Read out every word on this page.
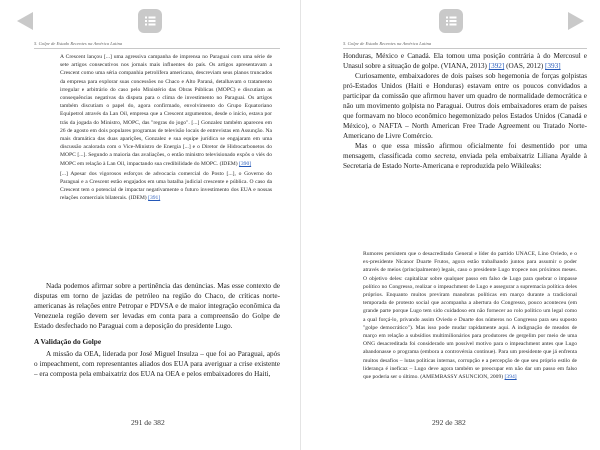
5. Golpe de Estado Recentes na América Latina
A Crescent lançou [...] uma agressiva campanha de imprensa no Paraguai com uma série de sete artigos consecutivos nos jornais mais influentes do país. Os artigos apresentavam a Crescent como uma séria companhia petrolífera americana, descreviam seus planos truncados da empresa para explorar suas concessões no Chaco e Alto Paraná, detalhavam o tratamento irregular e arbitrário do caso pelo Ministério das Obras Públicas (MOPC) e discutiam as consequências negativas da disputa para o clima de investimento no Paraguai. Os artigos também discutiam o papel do, agora confirmado, envolvimento do Grupo Equatoriano Equipetrol através da Lan Oil, empresa que a Crescent argumentou, desde o início, estava por trás da jogada do Ministro, MOPC, das "regras do jogo". [...] Gonzalez também apareceu em 26 de agosto em dois populares programas de televisão locais de entrevistas em Assunção. Na mais dramática das duas aparições, Gonzalez e sua equipe jurídica se engajaram em uma discussão acalorada com o Vice-Ministro de Energia [...] e o Diretor de Hidrocarbonetos do MOPC [...]. Segundo a maioria das avaliações, o então ministro televisionado expôs o viés do MOPC em relação à Lan Oil, impactando sua credibilidade do MOPC. (IDEM) [390]
[...] Apesar dos vigorosos esforços de advocacia comercial do Posto [...], o Governo do Paraguai e a Crescent estão engajados em uma batalha judicial crescente e pública. O caso da Crescent tem o potencial de impactar negativamente o futuro investimento dos EUA e nossas relações comerciais bilaterais. (IDEM) [391]

Nada podemos afirmar sobre a pertinência das denúncias. Mas esse contexto de disputas em torno de jazidas de petróleo na região do Chaco, de críticas norte-americanas às relações entre Petropar e PDVSA e de maior integração econômica da Venezuela região devem ser levadas em conta para a compreensão do Golpe de Estado desfechado no Paraguai com a deposição do presidente Lugo.

A Validação do Golpe

A missão da OEA, liderada por José Miguel Insulza – que foi ao Paraguai, após o impeachment, com representantes aliados dos EUA para averiguar a crise existente – era composta pela embaixatriz dos EUA na OEA e pelos embaixadores do Haiti,

291 de 382
5. Golpe de Estado Recentes na América Latina

Honduras, México e Canadá. Ela tomou uma posição contrária à do Mercosul e Unasul sobre a situação de golpe. (VIANA, 2013) [392] (OAS, 2012) [393]

Curiosamente, embaixadores de dois países sob hegemonia de forças golpistas pró-Estados Unidos (Haiti e Honduras) estavam entre os poucos convidados a participar da comissão que afirmou haver um quadro de normalidade democrática e não um movimento golpista no Paraguai. Outros dois embaixadores eram de países que formavam no bloco econômico hegemonizado pelos Estados Unidos (Canadá e México), o NAFTA – North American Free Trade Agreement ou Tratado Norte-Americano de Livre Comércio.

Mas o que essa missão afirmou oficialmente foi desmentido por uma mensagem, classificada como secreta, enviada pela embaixatriz Liliana Ayalde à Secretaria de Estado Norte-Americana e reproduzida pelo Wikileaks:

Rumores persistem que o desacreditado General e líder do partido UNACE, Lino Oviedo, e o ex-presidente Nicanor Duarte Frutos, agora estão trabalhando juntos para assumir o poder através de meios (principalmente) legais, caso o presidente Lugo tropece nos próximos meses. O objetivo deles: capitalizar sobre qualquer passo em falso de Lugo para quebrar o impasse político no Congresso, realizar o impeachment de Lugo e assegurar a supremacia política deles próprios. Enquanto muitos previram manobras políticas em março durante a tradicional temporada de protesto social que acompanha a abertura do Congresso, pouco aconteceu (em grande parte porque Lugo tem sido cuidadoso em não fornecer ao rolo político um legal como a qual forçá-lo, privando assim Oviedo e Duarte dos números no Congresso para seu suposto "golpe democrático"). Mas isso pode mudar rapidamente aqui. A indignação de meados de março em relação a subsídios multimilionários para produtores de gergelim por meio de uma ONG desacreditada foi considerado um possível motivo para o impeachment antes que Lugo abandonasse o programa (embora a controvérsia continue). Para um presidente que já enfrenta muitos desafios – lutas políticas internas, corrupção e a percepção de que seu próprio estilo de liderança é ineficaz – Lugo deve agora também se preocupar em não dar um passo em falso que poderia ser o último. (AMEMBASSY ASUNCION, 2009) [394]
292 de 382
